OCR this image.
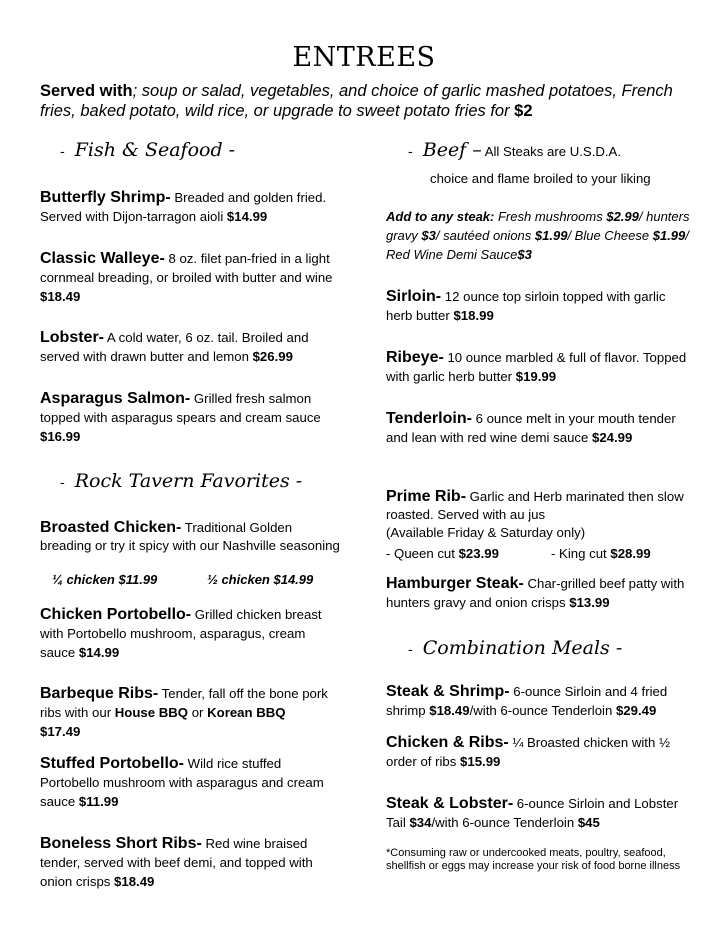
ENTREES
Served with; soup or salad, vegetables, and choice of garlic mashed potatoes, French fries, baked potato, wild rice, or upgrade to sweet potato fries for $2
- Fish & Seafood -
Butterfly Shrimp- Breaded and golden fried. Served with Dijon-tarragon aioli $14.99
Classic Walleye- 8 oz. filet pan-fried in a light cornmeal breading, or broiled with butter and wine $18.49
Lobster- A cold water, 6 oz. tail. Broiled and served with drawn butter and lemon $26.99
Asparagus Salmon- Grilled fresh salmon topped with asparagus spears and cream sauce $16.99
- Rock Tavern Favorites -
Broasted Chicken- Traditional Golden breading or try it spicy with our Nashville seasoning
¼ chicken $11.99	½ chicken $14.99
Chicken Portobello- Grilled chicken breast with Portobello mushroom, asparagus, cream sauce $14.99
Barbeque Ribs- Tender, fall off the bone pork ribs with our House BBQ or Korean BBQ
$17.49
Stuffed Portobello- Wild rice stuffed Portobello mushroom with asparagus and cream sauce $11.99
Boneless Short Ribs- Red wine braised tender, served with beef demi, and topped with onion crisps $18.49
- Beef – All Steaks are U.S.D.A.
choice and flame broiled to your liking
Add to any steak: Fresh mushrooms $2.99/ hunters gravy $3/ sautéed onions $1.99/ Blue Cheese $1.99/ Red Wine Demi Sauce$3
Sirloin- 12 ounce top sirloin topped with garlic herb butter $18.99
Ribeye- 10 ounce marbled & full of flavor. Topped with garlic herb butter $19.99
Tenderloin- 6 ounce melt in your mouth tender and lean with red wine demi sauce $24.99
Prime Rib- Garlic and Herb marinated then slow roasted. Served with au jus
(Available Friday & Saturday only)
- Queen cut $23.99	- King cut $28.99
Hamburger Steak- Char-grilled beef patty with hunters gravy and onion crisps $13.99
- Combination Meals -
Steak & Shrimp- 6-ounce Sirloin and 4 fried shrimp $18.49/with 6-ounce Tenderloin $29.49
Chicken & Ribs- ¼ Broasted chicken with ½ order of ribs $15.99
Steak & Lobster- 6-ounce Sirloin and Lobster Tail $34/with 6-ounce Tenderloin $45
*Consuming raw or undercooked meats, poultry, seafood, shellfish or eggs may increase your risk of food borne illness
